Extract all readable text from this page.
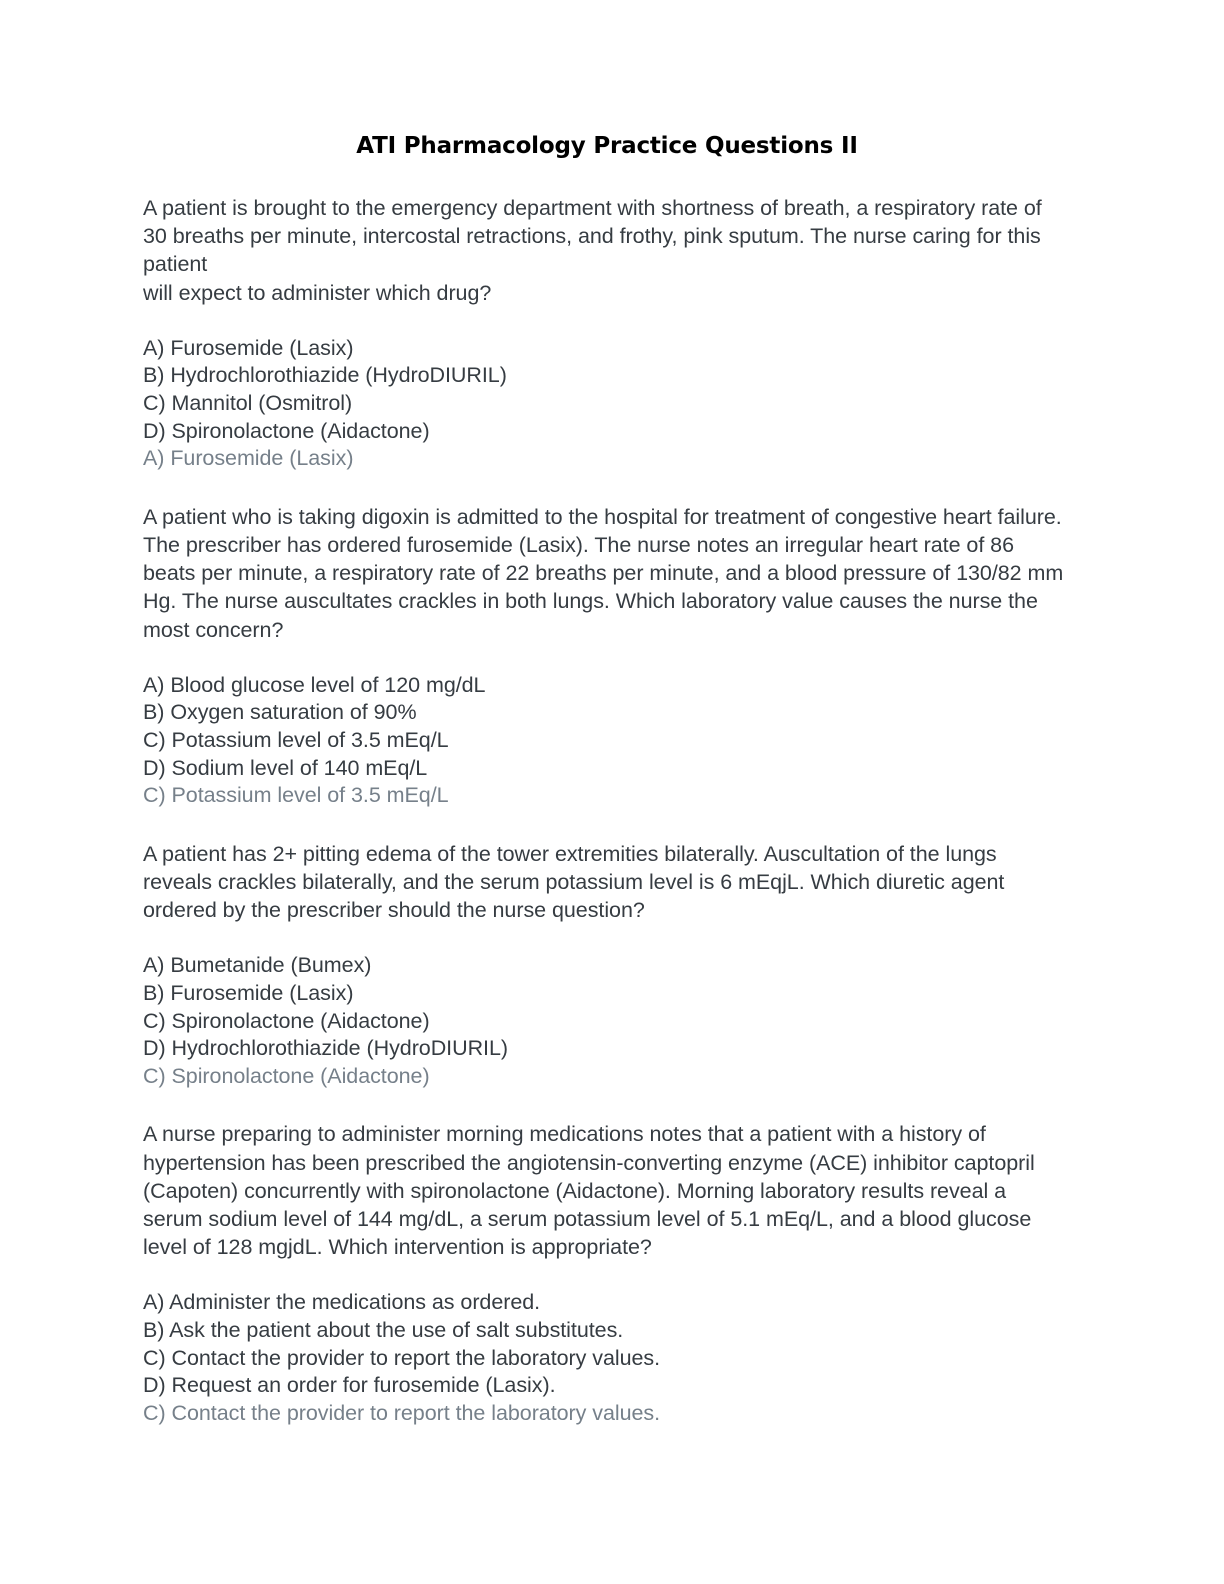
ATI Pharmacology Practice Questions II

A patient is brought to the emergency department with shortness of breath, a respiratory rate of 30 breaths per minute, intercostal retractions, and frothy, pink sputum. The nurse caring for this patient
will expect to administer which drug?

A) Furosemide (Lasix)
B) Hydrochlorothiazide (HydroDIURIL)
C) Mannitol (Osmitrol)
D) Spironolactone (Aidactone)
A) Furosemide (Lasix)

A patient who is taking digoxin is admitted to the hospital for treatment of congestive heart failure. The prescriber has ordered furosemide (Lasix). The nurse notes an irregular heart rate of 86 beats per minute, a respiratory rate of 22 breaths per minute, and a blood pressure of 130/82 mm Hg. The nurse auscultates crackles in both lungs. Which laboratory value causes the nurse the most concern?

A) Blood glucose level of 120 mg/dL
B) Oxygen saturation of 90%
C) Potassium level of 3.5 mEq/L
D) Sodium level of 140 mEq/L
C) Potassium level of 3.5 mEq/L

A patient has 2+ pitting edema of the tower extremities bilaterally. Auscultation of the lungs reveals crackles bilaterally, and the serum potassium level is 6 mEqjL. Which diuretic agent ordered by the prescriber should the nurse question?

A) Bumetanide (Bumex)
B) Furosemide (Lasix)
C) Spironolactone (Aidactone)
D) Hydrochlorothiazide (HydroDIURIL)
C) Spironolactone (Aidactone)

A nurse preparing to administer morning medications notes that a patient with a history of hypertension has been prescribed the angiotensin-converting enzyme (ACE) inhibitor captopril (Capoten) concurrently with spironolactone (Aidactone). Morning laboratory results reveal a serum sodium level of 144 mg/dL, a serum potassium level of 5.1 mEq/L, and a blood glucose level of 128 mgjdL. Which intervention is appropriate?

A) Administer the medications as ordered.
B) Ask the patient about the use of salt substitutes.
C) Contact the provider to report the laboratory values.
D) Request an order for furosemide (Lasix).
C) Contact the provider to report the laboratory values.
